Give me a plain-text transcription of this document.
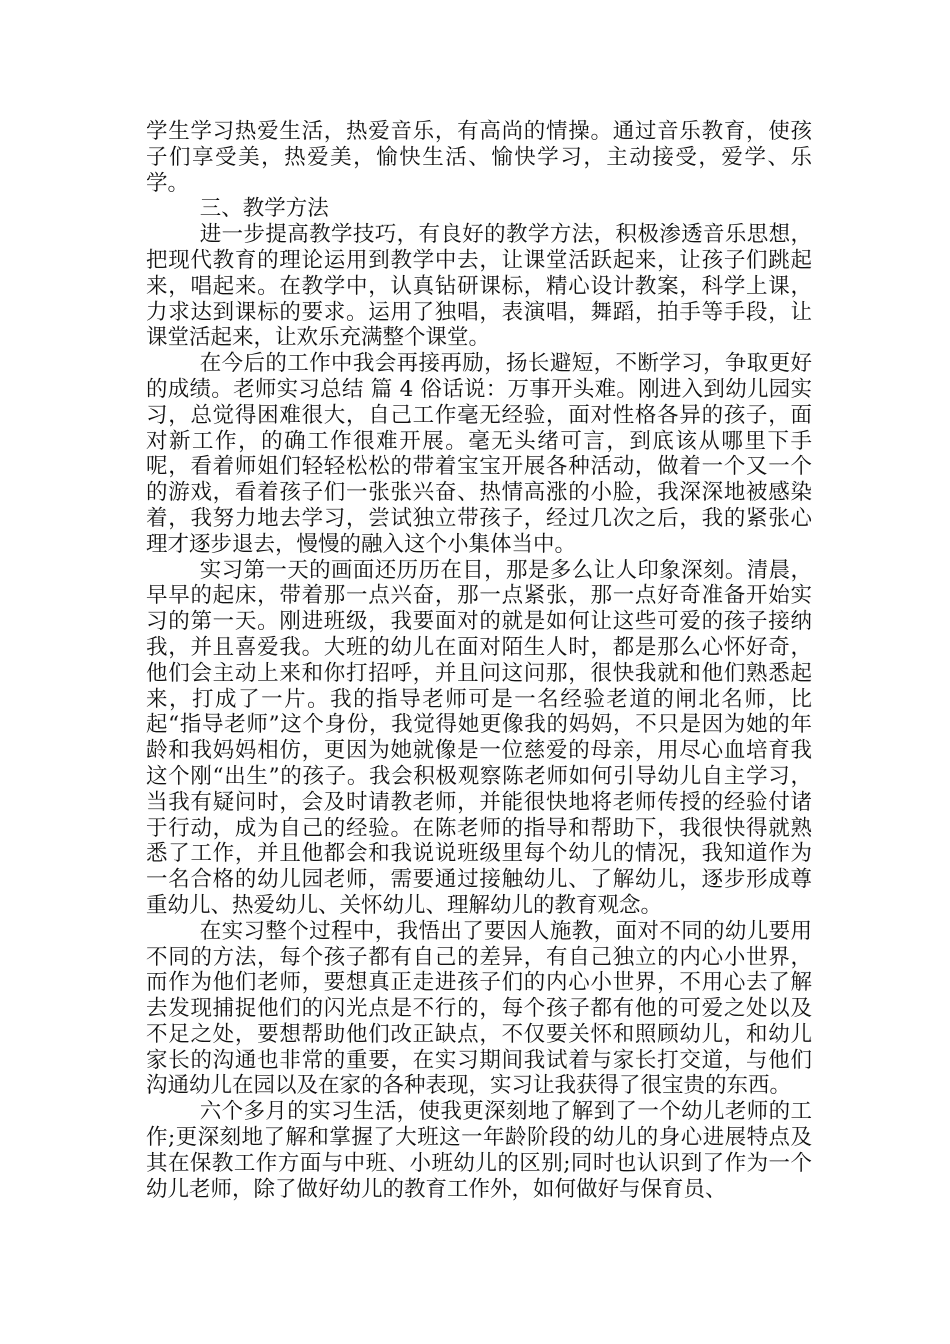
学生学习热爱生活，热爱音乐，有高尚的情操。通过音乐教育，使孩子们享受美，热爱美，愉快生活、愉快学习，主动接受，爱学、乐学。

三、教学方法

进一步提高教学技巧，有良好的教学方法，积极渗透音乐思想，把现代教育的理论运用到教学中去，让课堂活跃起来，让孩子们跳起来，唱起来。在教学中，认真钻研课标，精心设计教案，科学上课，力求达到课标的要求。运用了独唱，表演唱，舞蹈，拍手等手段，让课堂活起来，让欢乐充满整个课堂。

在今后的工作中我会再接再励，扬长避短，不断学习，争取更好的成绩。老师实习总结 篇 4 俗话说：万事开头难。刚进入到幼儿园实习，总觉得困难很大，自己工作毫无经验，面对性格各异的孩子，面对新工作，的确工作很难开展。毫无头绪可言，到底该从哪里下手呢，看着师姐们轻轻松松的带着宝宝开展各种活动，做着一个又一个的游戏，看着孩子们一张张兴奋、热情高涨的小脸，我深深地被感染着，我努力地去学习，尝试独立带孩子，经过几次之后，我的紧张心理才逐步退去，慢慢的融入这个小集体当中。

实习第一天的画面还历历在目，那是多么让人印象深刻。清晨，早早的起床，带着那一点兴奋，那一点紧张，那一点好奇准备开始实习的第一天。刚进班级，我要面对的就是如何让这些可爱的孩子接纳我，并且喜爱我。大班的幼儿在面对陌生人时，都是那么心怀好奇，他们会主动上来和你打招呼，并且问这问那，很快我就和他们熟悉起来，打成了一片。我的指导老师可是一名经验老道的闸北名师，比起“指导老师”这个身份，我觉得她更像我的妈妈，不只是因为她的年龄和我妈妈相仿，更因为她就像是一位慈爱的母亲，用尽心血培育我这个刚“出生”的孩子。我会积极观察陈老师如何引导幼儿自主学习，当我有疑问时，会及时请教老师，并能很快地将老师传授的经验付诸于行动，成为自己的经验。在陈老师的指导和帮助下，我很快得就熟悉了工作，并且他都会和我说说班级里每个幼儿的情况，我知道作为一名合格的幼儿园老师，需要通过接触幼儿、了解幼儿，逐步形成尊重幼儿、热爱幼儿、关怀幼儿、理解幼儿的教育观念。

在实习整个过程中，我悟出了要因人施教，面对不同的幼儿要用不同的方法，每个孩子都有自己的差异，有自己独立的内心小世界，而作为他们老师，要想真正走进孩子们的内心小世界，不用心去了解去发现捕捉他们的闪光点是不行的，每个孩子都有他的可爱之处以及不足之处，要想帮助他们改正缺点，不仅要关怀和照顾幼儿，和幼儿家长的沟通也非常的重要，在实习期间我试着与家长打交道，与他们沟通幼儿在园以及在家的各种表现，实习让我获得了很宝贵的东西。

六个多月的实习生活，使我更深刻地了解到了一个幼儿老师的工作;更深刻地了解和掌握了大班这一年龄阶段的幼儿的身心进展特点及其在保教工作方面与中班、小班幼儿的区别;同时也认识到了作为一个幼儿老师，除了做好幼儿的教育工作外，如何做好与保育员、
